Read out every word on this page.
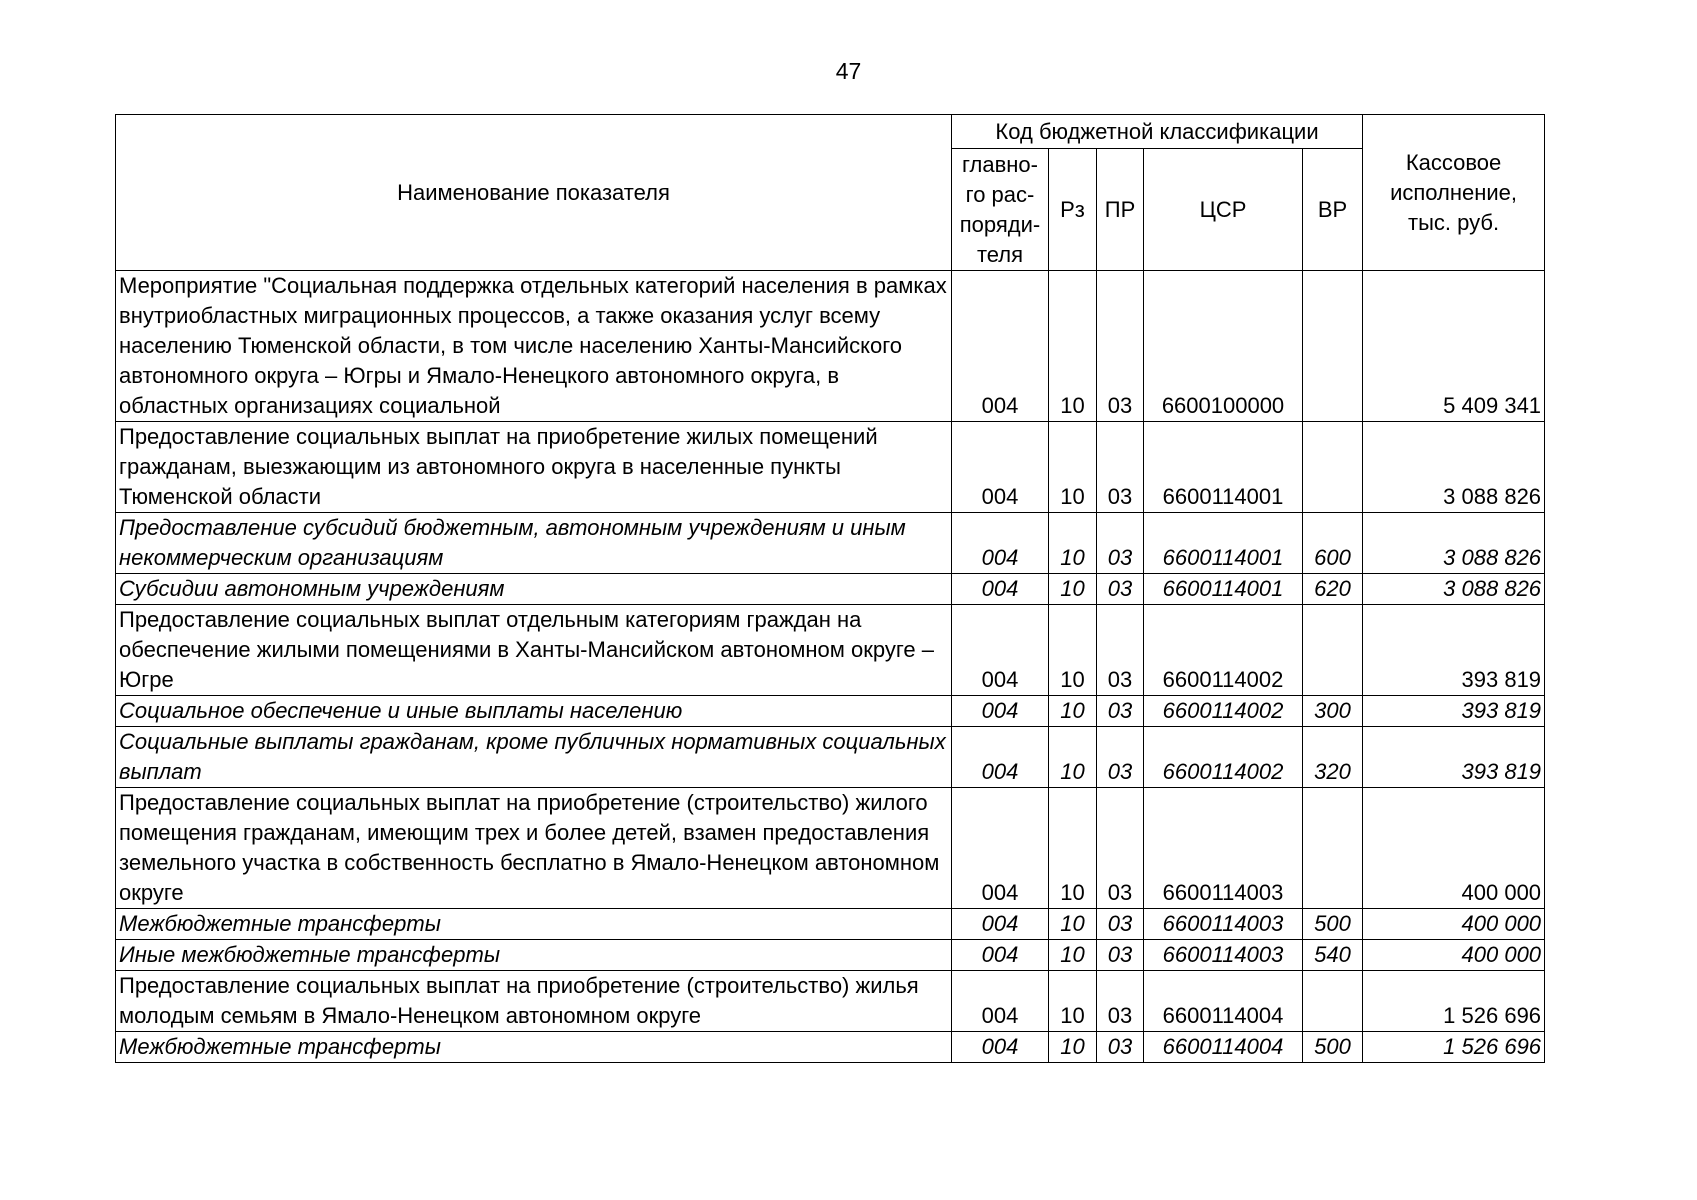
47
Наименование показателя	Код бюджетной классификации					Кассовое
исполнение,
тыс. руб.

	главно-
го рас-
поряди-
теля	Рз	ПР	ЦСР	ВР	
Мероприятие "Социальная поддержка отдельных категорий населения в рамках внутриобластных миграционных процессов, а также оказания услуг всему населению Тюменской области, в том числе населению Ханты-Мансийского автономного округа – Югры и Ямало-Ненецкого автономного округа, в областных организациях социальной	004	10	03	6600100000		5 409 341
Предоставление социальных выплат на приобретение жилых помещений гражданам, выезжающим из автономного округа в населенные пункты Тюменской области	004	10	03	6600114001		3 088 826
Предоставление субсидий бюджетным, автономным учреждениям и иным некоммерческим организациям	004	10	03	6600114001	600	3 088 826
Субсидии автономным учреждениям	004	10	03	6600114001	620	3 088 826
Предоставление социальных выплат отдельным категориям граждан на обеспечение жилыми помещениями в Ханты-Мансийском автономном округе – Югре	004	10	03	6600114002		393 819
Социальное обеспечение и иные выплаты населению	004	10	03	6600114002	300	393 819
Социальные выплаты гражданам, кроме публичных нормативных социальных выплат	004	10	03	6600114002	320	393 819
Предоставление социальных выплат на приобретение (строительство) жилого помещения гражданам, имеющим трех и более детей, взамен предоставления земельного участка в собственность бесплатно в Ямало-Ненецком автономном округе	004	10	03	6600114003		400 000
Межбюджетные трансферты	004	10	03	6600114003	500	400 000
Иные межбюджетные трансферты	004	10	03	6600114003	540	400 000
Предоставление социальных выплат на приобретение (строительство) жилья молодым семьям в Ямало-Ненецком автономном округе	004	10	03	6600114004		1 526 696
Межбюджетные трансферты	004	10	03	6600114004	500	1 526 696
